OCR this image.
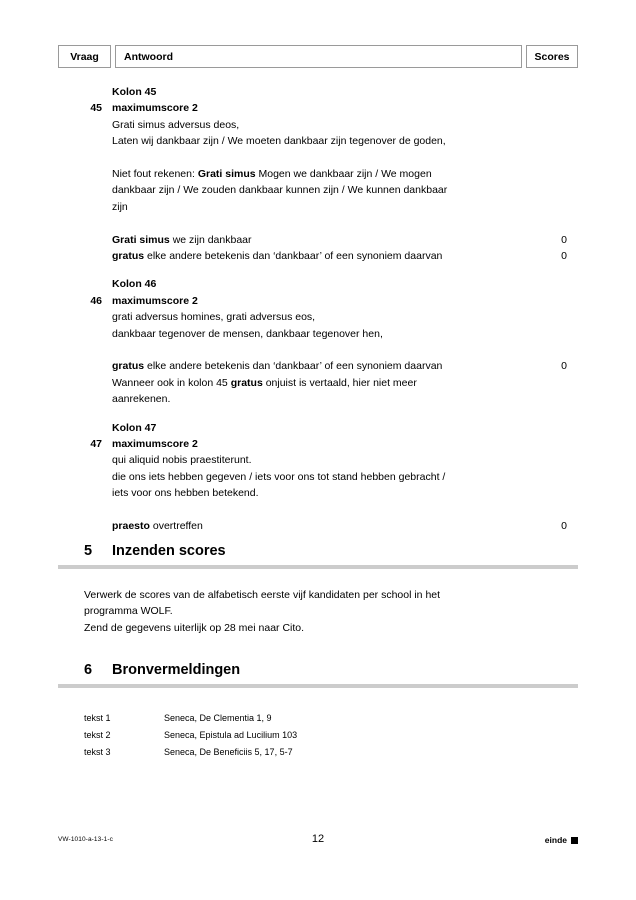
Vraag	Antwoord	Scores
45
Kolon 45
maximumscore 2
Grati simus adversus deos,
Laten wij dankbaar zijn / We moeten dankbaar zijn tegenover de goden,
Niet fout rekenen: Grati simus Mogen we dankbaar zijn / We mogen
dankbaar zijn / We zouden dankbaar kunnen zijn / We kunnen dankbaar
zijn
Grati simus we zijn dankbaar	0
gratus elke andere betekenis dan ‘dankbaar’ of een synoniem daarvan	0
46
Kolon 46
maximumscore 2
grati adversus homines, grati adversus eos,
dankbaar tegenover de mensen, dankbaar tegenover hen,
gratus elke andere betekenis dan ‘dankbaar’ of een synoniem daarvan	0
Wanneer ook in kolon 45 gratus onjuist is vertaald, hier niet meer
aanrekenen.
47
Kolon 47
maximumscore 2
qui aliquid nobis praestiterunt.
die ons iets hebben gegeven / iets voor ons tot stand hebben gebracht /
iets voor ons hebben betekend.
praesto overtreffen	0
5	Inzenden scores
Verwerk de scores van de alfabetisch eerste vijf kandidaten per school in het
programma WOLF.
Zend de gegevens uiterlijk op 28 mei naar Cito.
6	Bronvermeldingen
tekst 1	Seneca, De Clementia 1, 9
tekst 2	Seneca, Epistula ad Lucilium 103
tekst 3	Seneca, De Beneficiis 5, 17, 5-7
VW-1010-a-13-1-c	12	einde
